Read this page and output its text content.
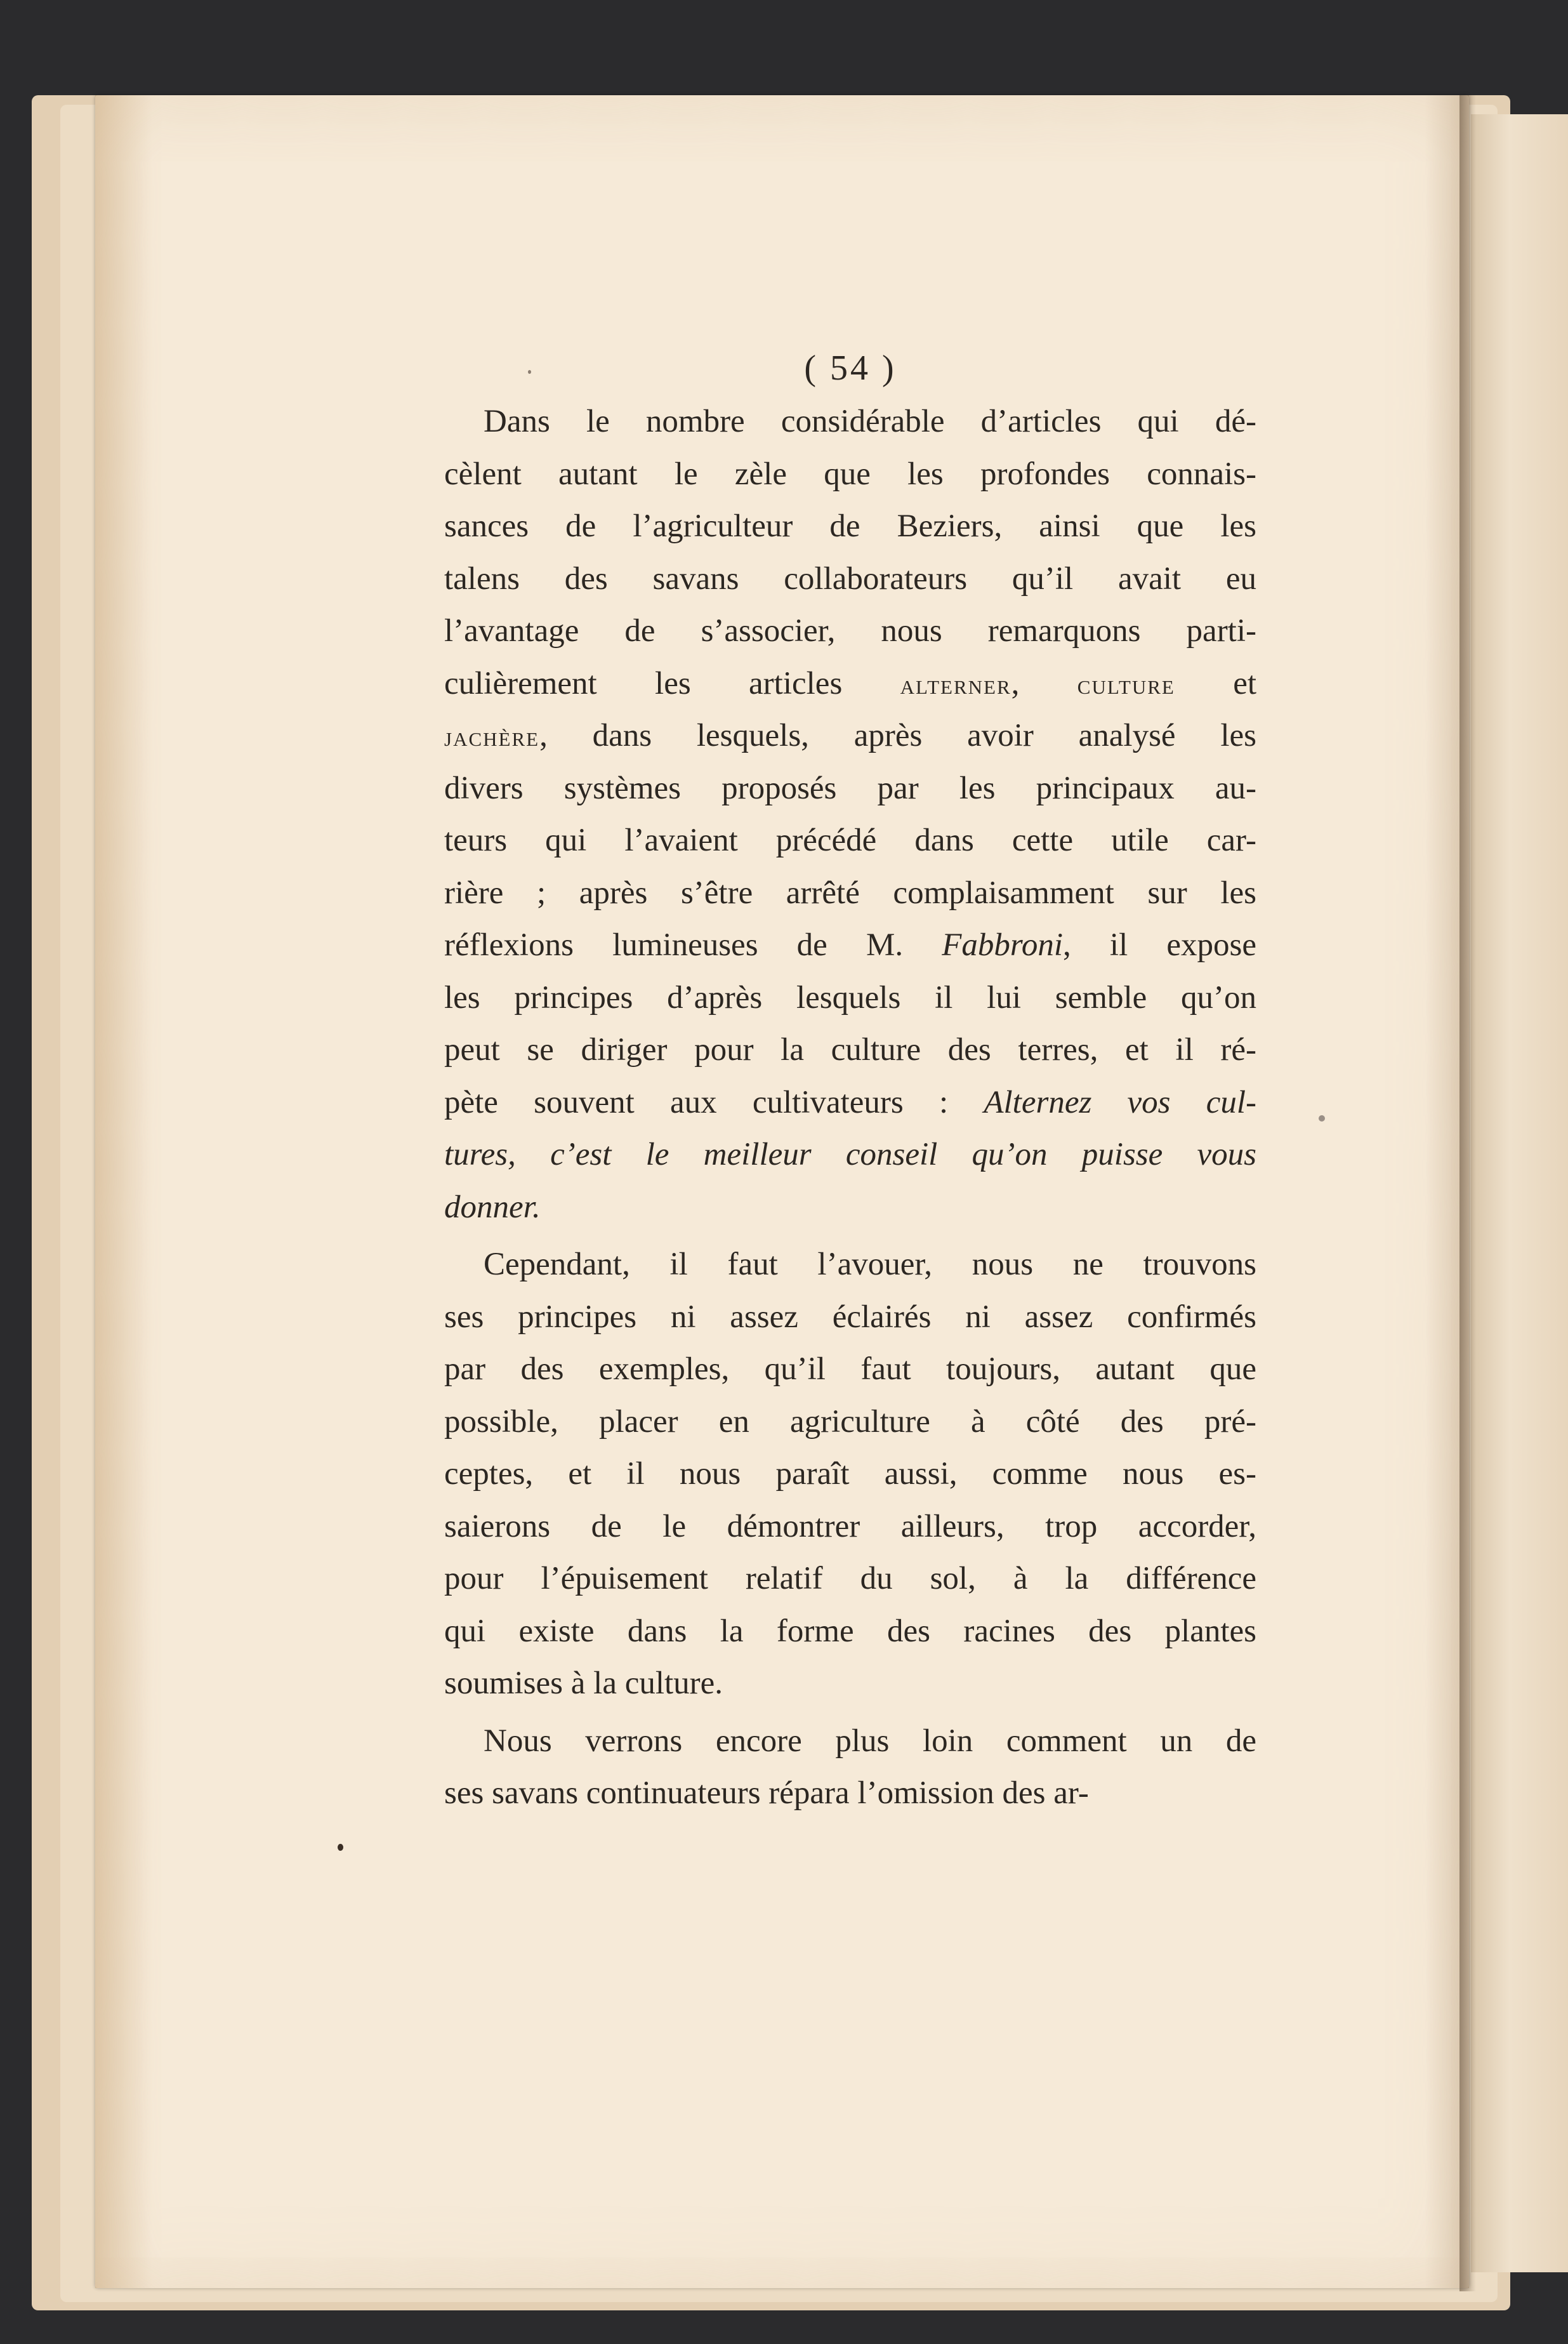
( 54 )
Dans le nombre considérable d’articles qui dé-
cèlent autant le zèle que les profondes connais-
sances de l’agriculteur de Beziers, ainsi que les
talens des savans collaborateurs qu’il avait eu
l’avantage de s’associer, nous remarquons parti-
culièrement les articles alterner, culture et
jachère, dans lesquels, après avoir analysé les
divers systèmes proposés par les principaux au-
teurs qui l’avaient précédé dans cette utile car-
rière ; après s’être arrêté complaisamment sur les
réflexions lumineuses de M. Fabbroni, il expose
les principes d’après lesquels il lui semble qu’on
peut se diriger pour la culture des terres, et il ré-
pète souvent aux cultivateurs : Alternez vos cul-
tures, c’est le meilleur conseil qu’on puisse vous
donner.
Cependant, il faut l’avouer, nous ne trouvons
ses principes ni assez éclairés ni assez confirmés
par des exemples, qu’il faut toujours, autant que
possible, placer en agriculture à côté des pré-
ceptes, et il nous paraît aussi, comme nous es-
saierons de le démontrer ailleurs, trop accorder,
pour l’épuisement relatif du sol, à la différence
qui existe dans la forme des racines des plantes
soumises à la culture.
Nous verrons encore plus loin comment un de
ses savans continuateurs répara l’omission des ar-
